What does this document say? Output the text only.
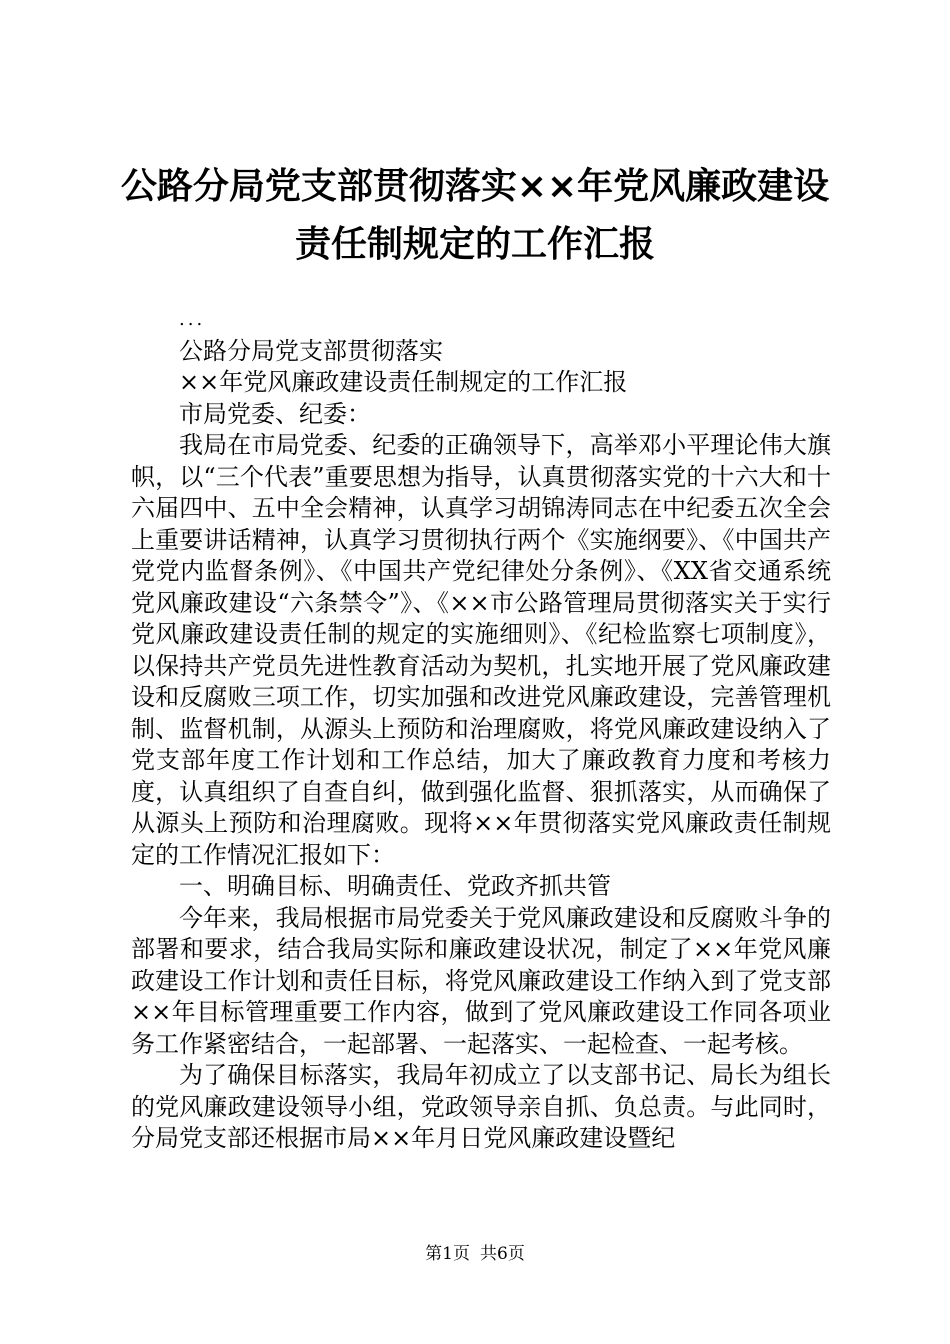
公路分局党支部贯彻落实××年党风廉政建设
责任制规定的工作汇报

...

公路分局党支部贯彻落实

××年党风廉政建设责任制规定的工作汇报

市局党委、纪委：

我局在市局党委、纪委的正确领导下，高举邓小平理论伟大旗帜，以“三个代表”重要思想为指导，认真贯彻落实党的十六大和十六届四中、五中全会精神，认真学习胡锦涛同志在中纪委五次全会上重要讲话精神，认真学习贯彻执行两个《实施纲要》、《中国共产党党内监督条例》、《中国共产党纪律处分条例》、《XX省交通系统党风廉政建设“六条禁令”》、《××市公路管理局贯彻落实关于实行党风廉政建设责任制的规定的实施细则》、《纪检监察七项制度》，以保持共产党员先进性教育活动为契机，扎实地开展了党风廉政建设和反腐败三项工作，切实加强和改进党风廉政建设，完善管理机制、监督机制，从源头上预防和治理腐败，将党风廉政建设纳入了党支部年度工作计划和工作总结，加大了廉政教育力度和考核力度，认真组织了自查自纠，做到强化监督、狠抓落实，从而确保了从源头上预防和治理腐败。现将××年贯彻落实党风廉政责任制规定的工作情况汇报如下：

一、明确目标、明确责任、党政齐抓共管

今年来，我局根据市局党委关于党风廉政建设和反腐败斗争的部署和要求，结合我局实际和廉政建设状况，制定了××年党风廉政建设工作计划和责任目标，将党风廉政建设工作纳入到了党支部××年目标管理重要工作内容，做到了党风廉政建设工作同各项业务工作紧密结合，一起部署、一起落实、一起检查、一起考核。

为了确保目标落实，我局年初成立了以支部书记、局长为组长的党风廉政建设领导小组，党政领导亲自抓、负总责。与此同时，分局党支部还根据市局××年月日党风廉政建设暨纪

第1页 共6页
